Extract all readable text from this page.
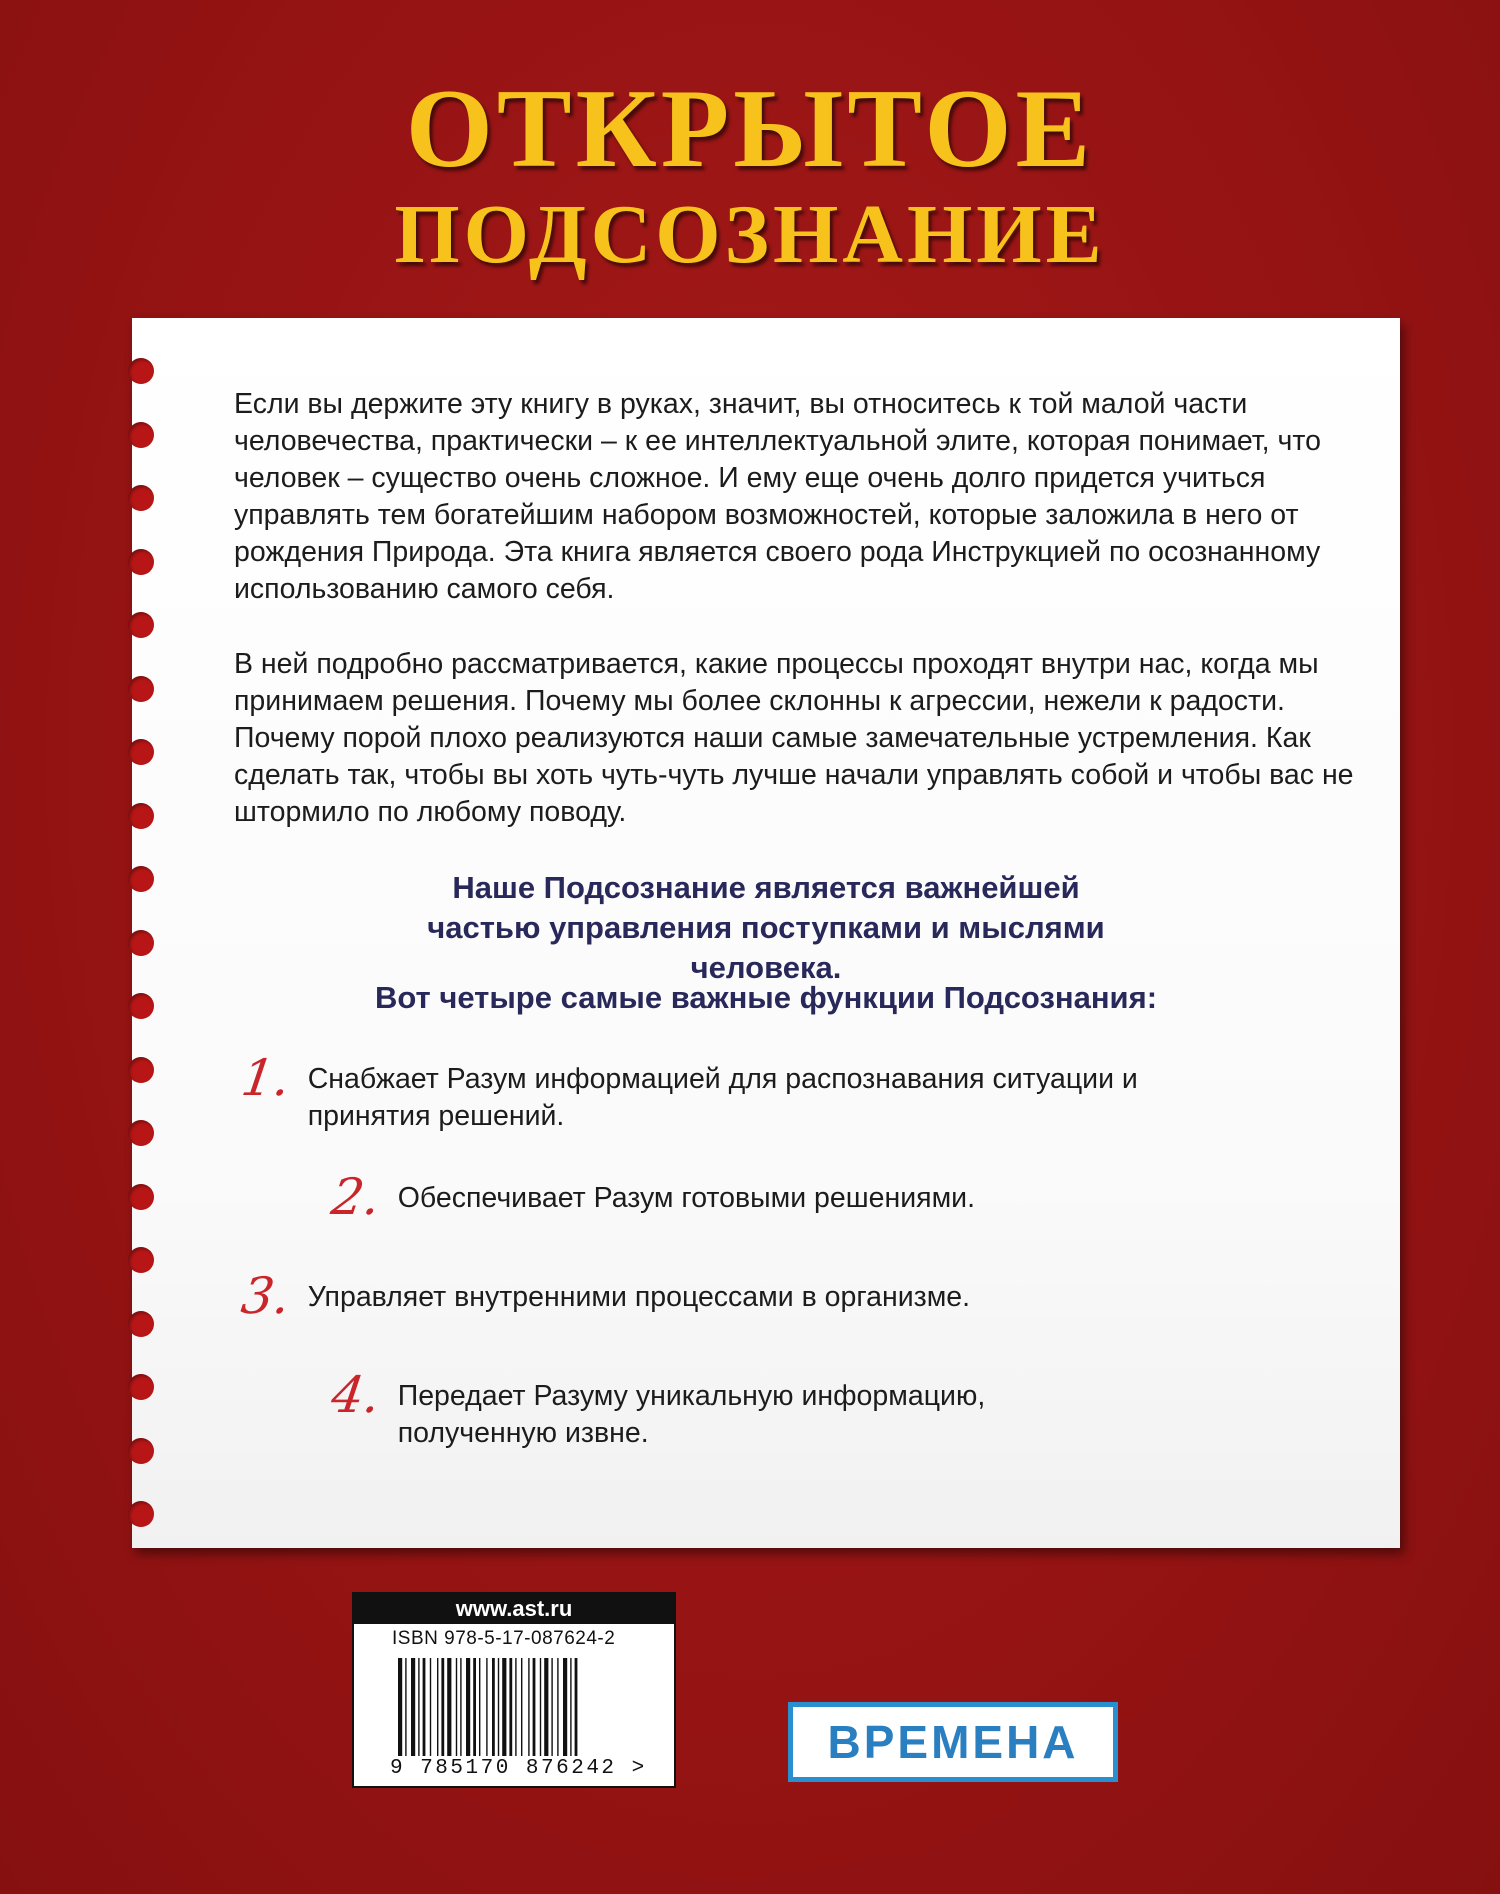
ОТКРЫТОЕ
ПОДСОЗНАНИЕ

Если вы держите эту книгу в руках, значит, вы относитесь к той малой части человечества, практически – к ее интеллектуальной элите, которая понимает, что человек – существо очень сложное. И ему еще очень долго придется учиться управлять тем богатейшим набором возможностей, которые заложила в него от рождения Природа. Эта книга является своего рода Инструкцией по осознанному использованию самого себя.

В ней подробно рассматривается, какие процессы проходят внутри нас, когда мы принимаем решения. Почему мы более склонны к агрессии, нежели к радости. Почему порой плохо реализуются наши самые замечательные устремления. Как сделать так, чтобы вы хоть чуть-чуть лучше начали управлять собой и чтобы вас не штормило по любому поводу.

Наше Подсознание является важнейшей частью управления поступками и мыслями человека.

Вот четыре самые важные функции Подсознания:

1. Снабжает Разум информацией для распознавания ситуации и принятия решений.
2. Обеспечивает Разум готовыми решениями.
3. Управляет внутренними процессами в организме.
4. Передает Разуму уникальную информацию, полученную извне.
www.ast.ru
ISBN 978-5-17-087624-2
9 785170 876242 >
ВРЕМЕНА
